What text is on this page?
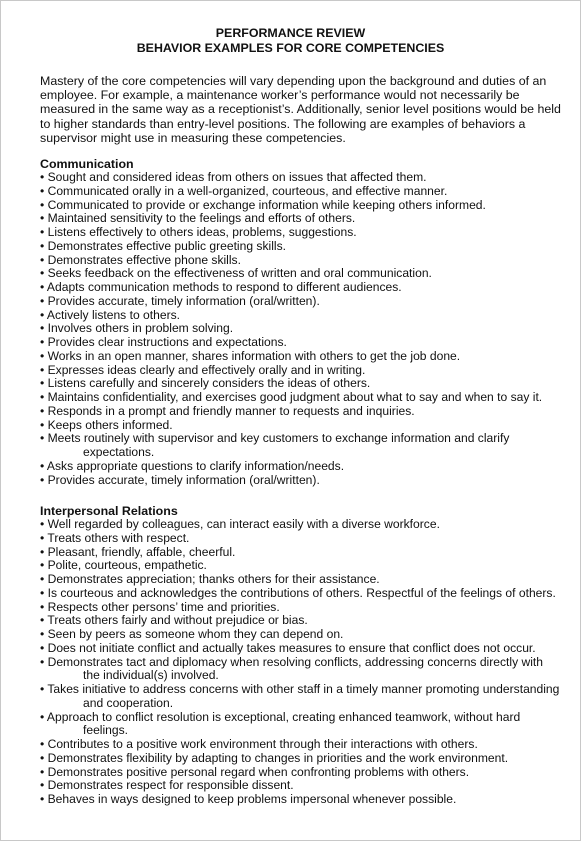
PERFORMANCE REVIEW

BEHAVIOR EXAMPLES FOR CORE COMPETENCIES

Mastery of the core competencies will vary depending upon the background and duties of an employee. For example, a maintenance worker’s performance would not necessarily be measured in the same way as a receptionist’s. Additionally, senior level positions would be held to higher standards than entry-level positions. The following are examples of behaviors a supervisor might use in measuring these competencies.

Communication

• Sought and considered ideas from others on issues that affected them.
• Communicated orally in a well-organized, courteous, and effective manner.
• Communicated to provide or exchange information while keeping others informed.
• Maintained sensitivity to the feelings and efforts of others.
• Listens effectively to others ideas, problems, suggestions.
• Demonstrates effective public greeting skills.
• Demonstrates effective phone skills.
• Seeks feedback on the effectiveness of written and oral communication.
• Adapts communication methods to respond to different audiences.
• Provides accurate, timely information (oral/written).
• Actively listens to others.
• Involves others in problem solving.
• Provides clear instructions and expectations.
• Works in an open manner, shares information with others to get the job done.
• Expresses ideas clearly and effectively orally and in writing.
• Listens carefully and sincerely considers the ideas of others.
• Maintains confidentiality, and exercises good judgment about what to say and when to say it.
• Responds in a prompt and friendly manner to requests and inquiries.
• Keeps others informed.
• Meets routinely with supervisor and key customers to exchange information and clarify
expectations.
• Asks appropriate questions to clarify information/needs.
• Provides accurate, timely information (oral/written).

Interpersonal Relations

• Well regarded by colleagues, can interact easily with a diverse workforce.
• Treats others with respect.
• Pleasant, friendly, affable, cheerful.
• Polite, courteous, empathetic.
• Demonstrates appreciation; thanks others for their assistance.
• Is courteous and acknowledges the contributions of others. Respectful of the feelings of others.
• Respects other persons’ time and priorities.
• Treats others fairly and without prejudice or bias.
• Seen by peers as someone whom they can depend on.
• Does not initiate conflict and actually takes measures to ensure that conflict does not occur.
• Demonstrates tact and diplomacy when resolving conflicts, addressing concerns directly with
the individual(s) involved.
• Takes initiative to address concerns with other staff in a timely manner promoting understanding
and cooperation.
• Approach to conflict resolution is exceptional, creating enhanced teamwork, without hard
feelings.
• Contributes to a positive work environment through their interactions with others.
• Demonstrates flexibility by adapting to changes in priorities and the work environment.
• Demonstrates positive personal regard when confronting problems with others.
• Demonstrates respect for responsible dissent.
• Behaves in ways designed to keep problems impersonal whenever possible.
